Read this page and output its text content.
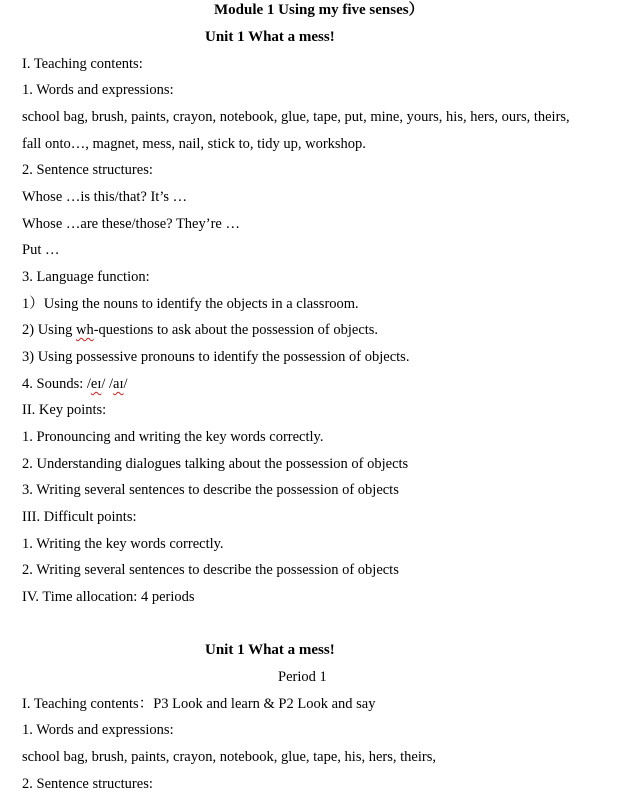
Module 1 Using my five senses）
Unit 1 What a mess!
I. Teaching contents:
1. Words and expressions:
school bag, brush, paints, crayon, notebook, glue, tape, put, mine, yours, his, hers, ours, theirs,
fall onto…, magnet, mess, nail, stick to, tidy up, workshop.
2. Sentence structures:
Whose …is this/that? It’s …
Whose …are these/those? They’re …
Put …
3. Language function:
1）Using the nouns to identify the objects in a classroom.
2) Using wh-questions to ask about the possession of objects.
3) Using possessive pronouns to identify the possession of objects.
4. Sounds: /eɪ/ /aɪ/
II. Key points:
1. Pronouncing and writing the key words correctly.
2. Understanding dialogues talking about the possession of objects
3. Writing several sentences to describe the possession of objects
III. Difficult points:
1. Writing the key words correctly.
2. Writing several sentences to describe the possession of objects
IV. Time allocation: 4 periods
Unit 1 What a mess!
Period 1
I. Teaching contents：P3 Look and learn & P2 Look and say
1. Words and expressions:
school bag, brush, paints, crayon, notebook, glue, tape, his, hers, theirs,
2. Sentence structures:
